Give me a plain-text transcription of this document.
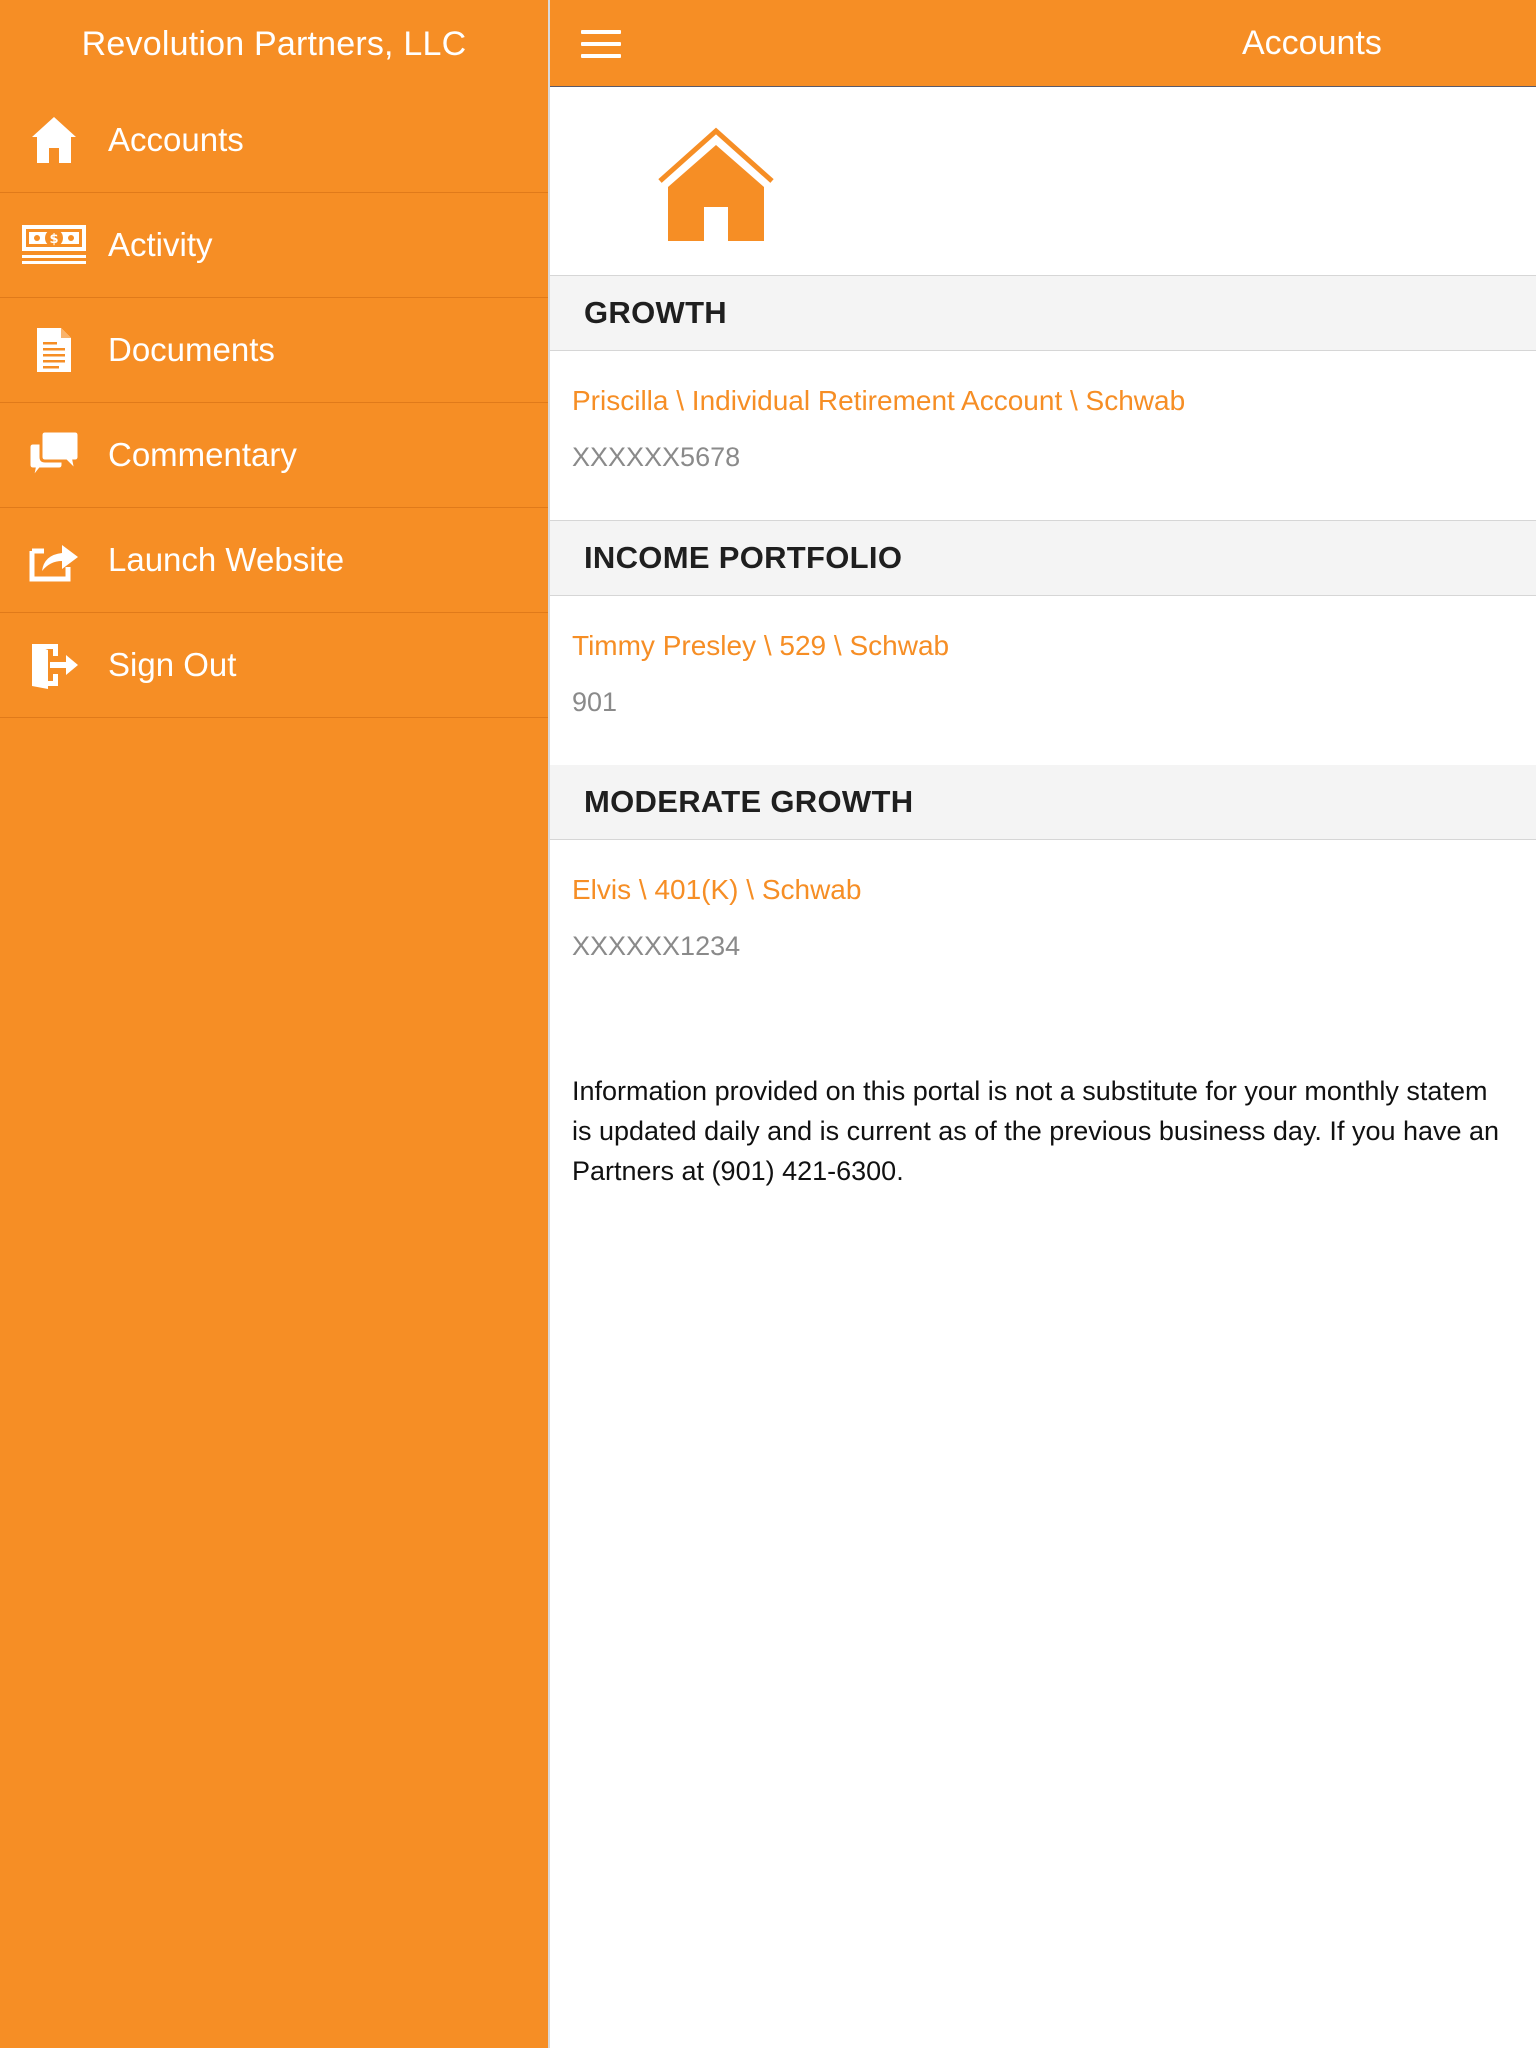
Revolution Partners, LLC
Accounts
$ Activity
Documents
Commentary
Launch Website
Sign Out
Accounts
GROWTH
Priscilla \ Individual Retirement Account \ Schwab
XXXXXX5678
INCOME PORTFOLIO
Timmy Presley \ 529 \ Schwab
901
MODERATE GROWTH
Elvis \ 401(K) \ Schwab
XXXXXX1234
Information provided on this portal is not a substitute for your monthly statem
is updated daily and is current as of the previous business day. If you have an
Partners at (901) 421-6300.
